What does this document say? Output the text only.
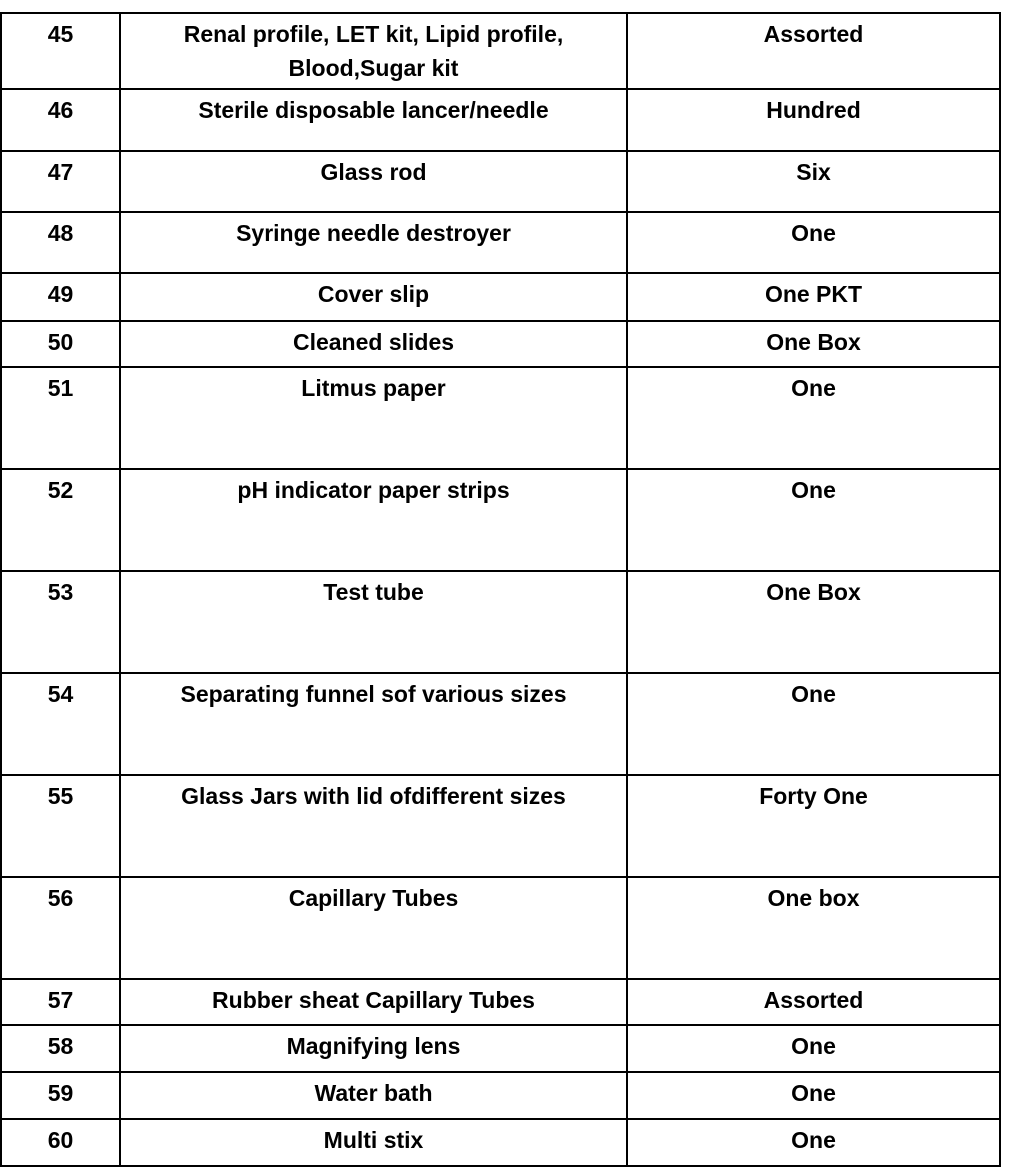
45	Renal profile, LET kit, Lipid profile, Blood,Sugar kit	Assorted
46	Sterile disposable lancer/needle	Hundred
47	Glass rod	Six
48	Syringe needle destroyer	One
49	Cover slip	One PKT
50	Cleaned slides	One Box
51	Litmus paper	One
52	pH indicator paper strips	One
53	Test tube	One Box
54	Separating funnel sof various sizes	One
55	Glass Jars with lid ofdifferent sizes	Forty One
56	Capillary Tubes	One box
57	Rubber sheat Capillary Tubes	Assorted
58	Magnifying lens	One
59	Water bath	One
60	Multi stix	One
